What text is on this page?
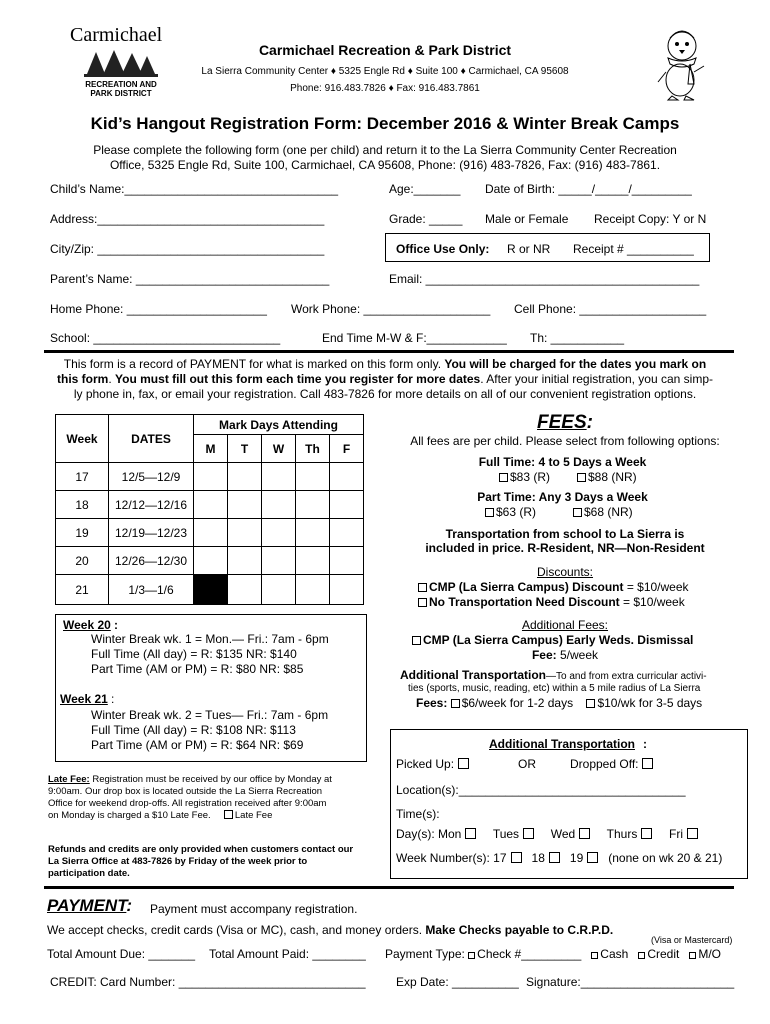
Carmichael
RECREATION AND
PARK DISTRICT
Carmichael Recreation & Park District
La Sierra Community Center ♦ 5325 Engle Rd ♦ Suite 100 ♦ Carmichael, CA 95608
Phone: 916.483.7826 ♦ Fax: 916.483.7861
Kid’s Hangout Registration Form: December 2016 & Winter Break Camps
Please complete the following form (one per child) and return it to the La Sierra Community Center Recreation
Office, 5325 Engle Rd, Suite 100, Carmichael, CA 95608, Phone: (916) 483-7826, Fax: (916) 483-7861.
Child’s Name:________________________________	Age:_______ Date of Birth: _____/_____/_________
Address:__________________________________	Grade: _____ Male or Female Receipt Copy: Y or N
City/Zip: __________________________________	Office Use Only: R or NR Receipt # __________
Parent’s Name: _____________________________	Email: _________________________________________
Home Phone: _____________________ Work Phone: ___________________ Cell Phone: ___________________
School: ____________________________	End Time M-W & F:____________ Th: ___________
This form is a record of PAYMENT for what is marked on this form only. You will be charged for the dates you mark on
this form. You must fill out this form each time you register for more dates. After your initial registration, you can simp-
ly phone in, fax, or email your registration. Call 483-7826 for more details on all of our convenient registration options.
Week	DATES	Mark Days Attending				
		M	T	W	Th	F
17	12/5—12/9					
18	12/12—12/16					
19	12/19—12/23					
20	12/26—12/30					
21	1/3—1/6					
Week 20 :
Winter Break wk. 1 = Mon.— Fri.: 7am - 6pm
Full Time (All day) = R: $135 NR: $140
Part Time (AM or PM) = R: $80 NR: $85
Week 21 :
Winter Break wk. 2 = Tues— Fri.: 7am - 6pm
Full Time (All day) = R: $108 NR: $113
Part Time (AM or PM) = R: $64 NR: $69
Late Fee: Registration must be received by our office by Monday at
9:00am. Our drop box is located outside the La Sierra Recreation
Office for weekend drop-offs. All registration received after 9:00am
on Monday is charged a $10 Late Fee.	Late Fee
Refunds and credits are only provided when customers contact our
La Sierra Office at 483-7826 by Friday of the week prior to
participation date.
FEES:
All fees are per child. Please select from following options:
Full Time: 4 to 5 Days a Week
$83 (R)	$88 (NR)
Part Time: Any 3 Days a Week
$63 (R)	$68 (NR)
Transportation from school to La Sierra is
included in price. R-Resident, NR—Non-Resident
Discounts:
CMP (La Sierra Campus) Discount = $10/week
No Transportation Need Discount = $10/week
Additional Fees:
CMP (La Sierra Campus) Early Weds. Dismissal
Fee: 5/week
Additional Transportation—To and from extra curricular activi-
ties (sports, music, reading, etc) within a 5 mile radius of La Sierra
Fees: $6/week for 1-2 days $10/wk for 3-5 days
Additional Transportation :
Picked Up:	OR	Dropped Off:
Location(s):__________________________________
Time(s):
Day(s): Mon	Tues	Wed	Thurs	Fri
Week Number(s): 17 18 19 (none on wk 20 & 21)
PAYMENT: Payment must accompany registration.
We accept checks, credit cards (Visa or MC), cash, and money orders. Make Checks payable to C.R.P.D.
(Visa or Mastercard)
Total Amount Due: _______ Total Amount Paid: ________ Payment Type: Check #_________ Cash Credit M/O
CREDIT: Card Number: ____________________________	Exp Date: __________ Signature:_______________________
